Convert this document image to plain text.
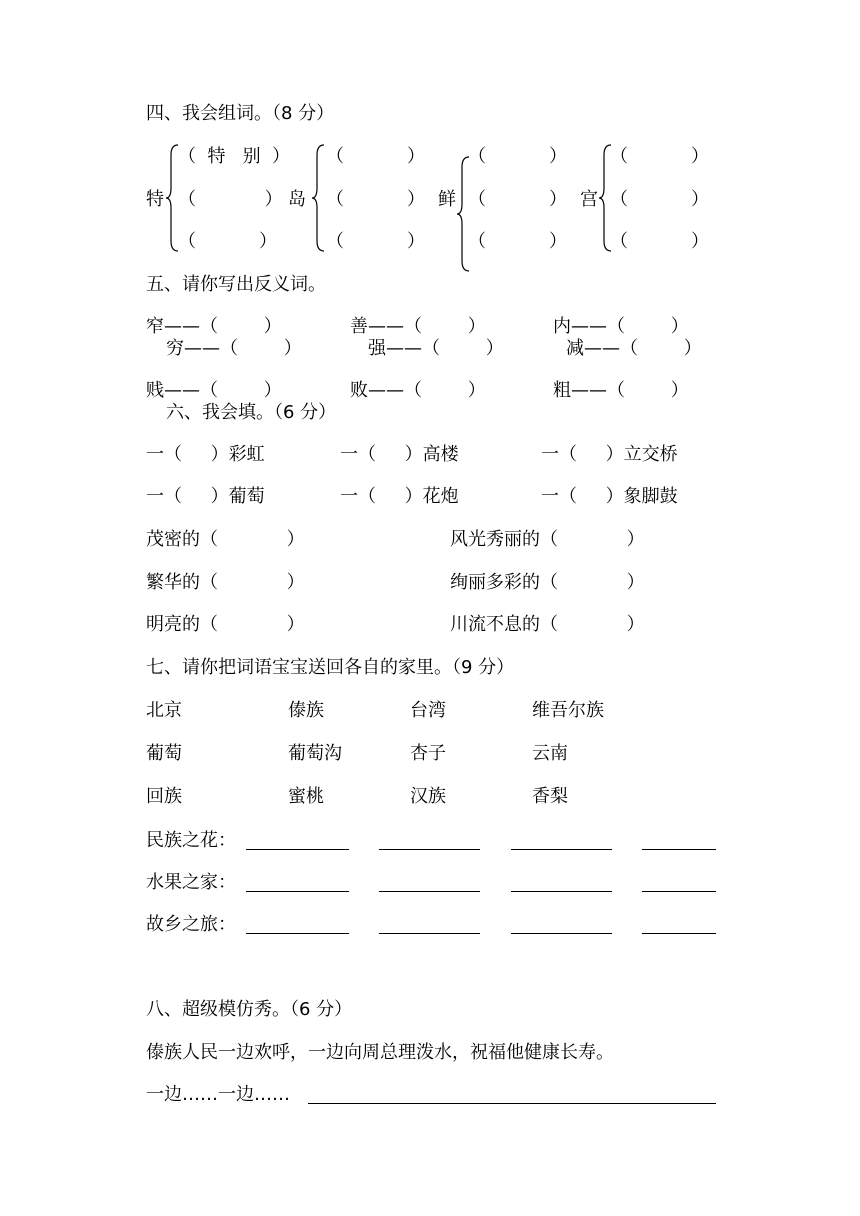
四、我会组词。（8 分）
特
（  特   别  ）
（            ）
（           ）
岛
（           ）
（           ）
（           ）
鲜
（           ）
（           ）
（           ）
宫
（           ）
（           ）
（           ）
五、请你写出反义词。
窄——（        ）	善——（        ）	内——（        ）
穷——（        ）	强——（        ）	减——（        ）
贱——（        ）	败——（        ）	粗——（        ）
六、我会填。（6 分）
一（     ）彩虹	一（     ）高楼	一（     ）立交桥
一（     ）葡萄	一（     ）花炮	一（     ）象脚鼓
茂密的（            ）	风光秀丽的（            ）
繁华的（            ）	绚丽多彩的（            ）
明亮的（            ）	川流不息的（            ）
七、请你把词语宝宝送回各自的家里。（9 分）
北京	傣族	台湾	维吾尔族
葡萄	葡萄沟	杏子	云南
回族	蜜桃	汉族	香梨
民族之花：
水果之家：
故乡之旅：
八、超级模仿秀。（6 分）
傣族人民一边欢呼，一边向周总理泼水，祝福他健康长寿。
一边……一边……
